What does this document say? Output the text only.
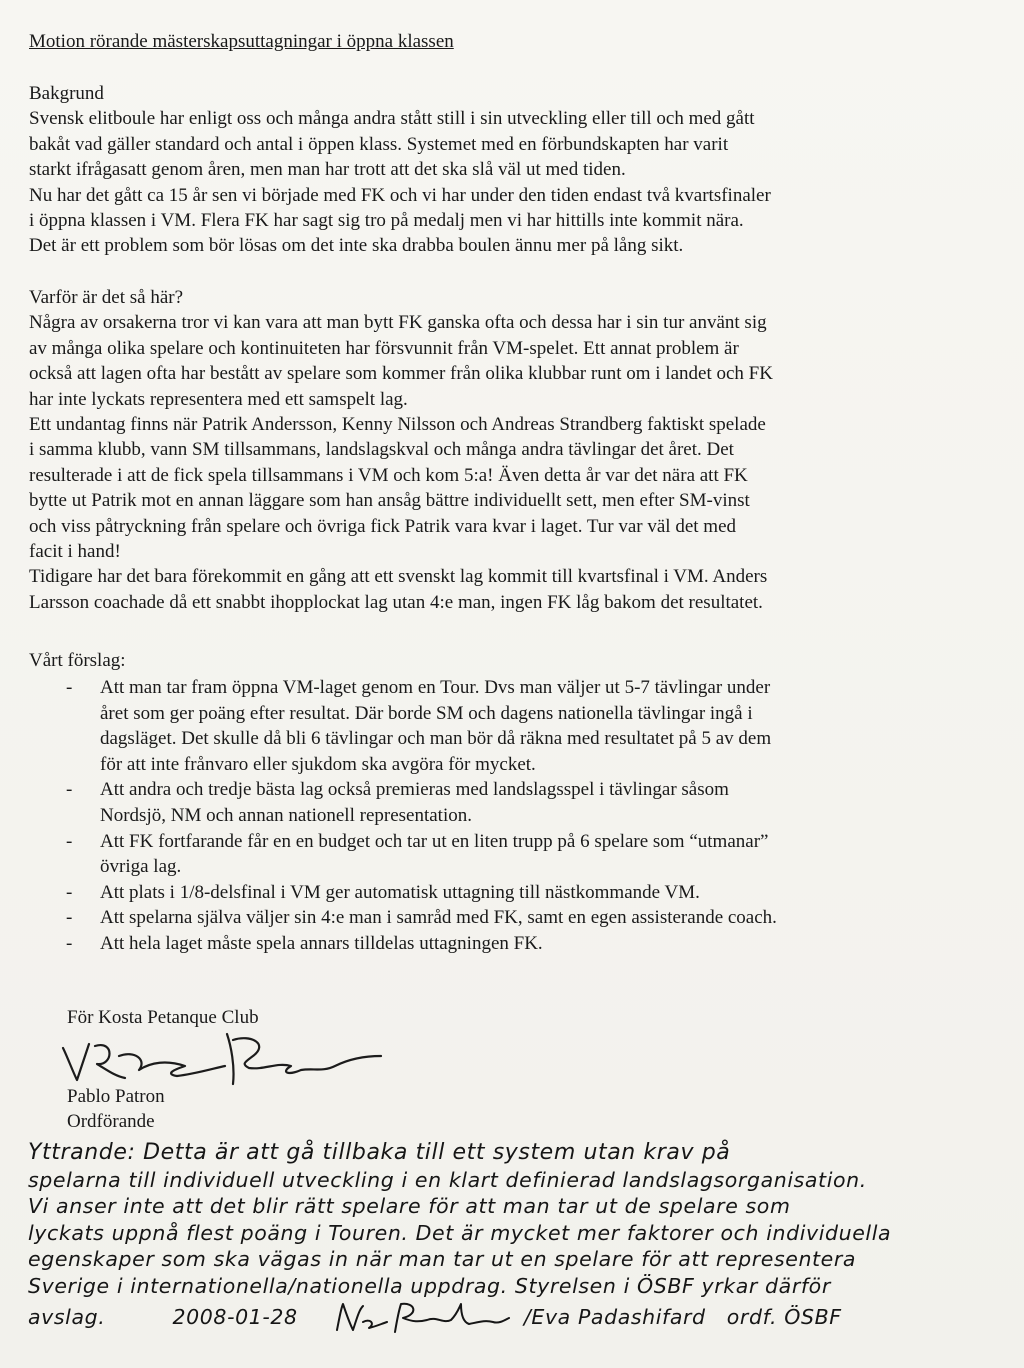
Motion rörande mästerskapsuttagningar i öppna klassen
Bakgrund
Svensk elitboule har enligt oss och många andra stått still i sin utveckling eller till och med gått
bakåt vad gäller standard och antal i öppen klass. Systemet med en förbundskapten har varit
starkt ifrågasatt genom åren, men man har trott att det ska slå väl ut med tiden.
Nu har det gått ca 15 år sen vi började med FK och vi har under den tiden endast två kvartsfinaler
i öppna klassen i VM. Flera FK har sagt sig tro på medalj men vi har hittills inte kommit nära.
Det är ett problem som bör lösas om det inte ska drabba boulen ännu mer på lång sikt.
Varför är det så här?
Några av orsakerna tror vi kan vara att man bytt FK ganska ofta och dessa har i sin tur använt sig
av många olika spelare och kontinuiteten har försvunnit från VM-spelet. Ett annat problem är
också att lagen ofta har bestått av spelare som kommer från olika klubbar runt om i landet och FK
har inte lyckats representera med ett samspelt lag.
Ett undantag finns när Patrik Andersson, Kenny Nilsson och Andreas Strandberg faktiskt spelade
i samma klubb, vann SM tillsammans, landslagskval och många andra tävlingar det året. Det
resulterade i att de fick spela tillsammans i VM och kom 5:a! Även detta år var det nära att FK
bytte ut Patrik mot en annan läggare som han ansåg bättre individuellt sett, men efter SM-vinst
och viss påtryckning från spelare och övriga fick Patrik vara kvar i laget. Tur var väl det med
facit i hand!
Tidigare har det bara förekommit en gång att ett svenskt lag kommit till kvartsfinal i VM. Anders
Larsson coachade då ett snabbt ihopplockat lag utan 4:e man, ingen FK låg bakom det resultatet.
Vårt förslag:
- Att man tar fram öppna VM-laget genom en Tour. Dvs man väljer ut 5-7 tävlingar under
året som ger poäng efter resultat. Där borde SM och dagens nationella tävlingar ingå i
dagsläget. Det skulle då bli 6 tävlingar och man bör då räkna med resultatet på 5 av dem
för att inte frånvaro eller sjukdom ska avgöra för mycket.
- Att andra och tredje bästa lag också premieras med landslagsspel i tävlingar såsom
Nordsjö, NM och annan nationell representation.
- Att FK fortfarande får en en budget och tar ut en liten trupp på 6 spelare som “utmanar”
övriga lag.
- Att plats i 1/8-delsfinal i VM ger automatisk uttagning till nästkommande VM.
- Att spelarna själva väljer sin 4:e man i samråd med FK, samt en egen assisterande coach.
- Att hela laget måste spela annars tilldelas uttagningen FK.
För Kosta Petanque Club
Pablo Patron
Ordförande
Yttrande: Detta är att gå tillbaka till ett system utan krav på
spelarna till individuell utveckling i en klart definierad landslagsorganisation.
Vi anser inte att det blir rätt spelare för att man tar ut de spelare som
lyckats uppnå flest poäng i Touren. Det är mycket mer faktorer och individuella
egenskaper som ska vägas in när man tar ut en spelare för att representera
Sverige i internationella/nationella uppdrag. Styrelsen i ÖSBF yrkar därför
avslag.	2008-01-28	/Eva Padashifard ordf. ÖSBF
